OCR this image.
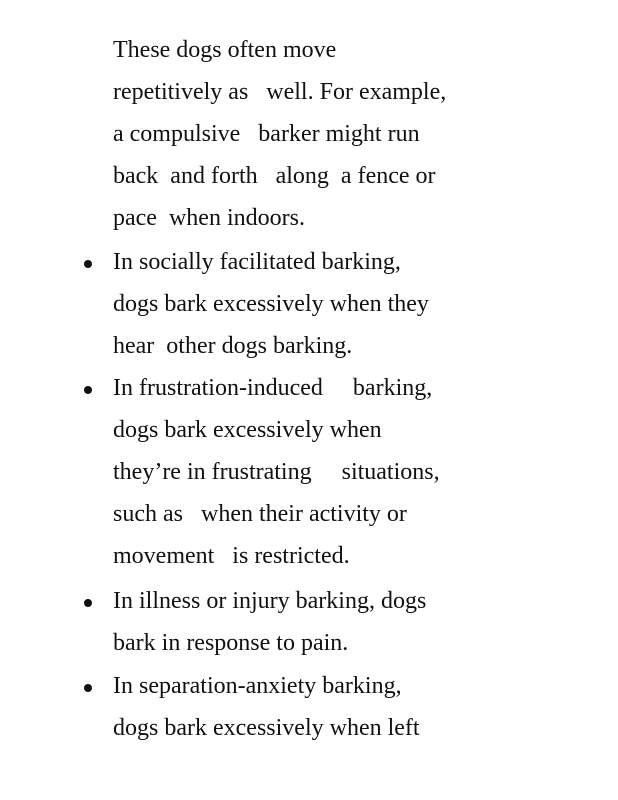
These dogs often move
repetitively as   well. For example,
a compulsive   barker might run
back  and forth   along  a fence or
pace  when indoors.
In socially facilitated barking,
dogs bark excessively when they
hear  other dogs barking.
In frustration-induced     barking,
dogs bark excessively when
they’re in frustrating     situations,
such as   when their activity or
movement   is restricted.
In illness or injury barking, dogs
bark in response to pain.
In separation-anxiety barking,
dogs bark excessively when left
